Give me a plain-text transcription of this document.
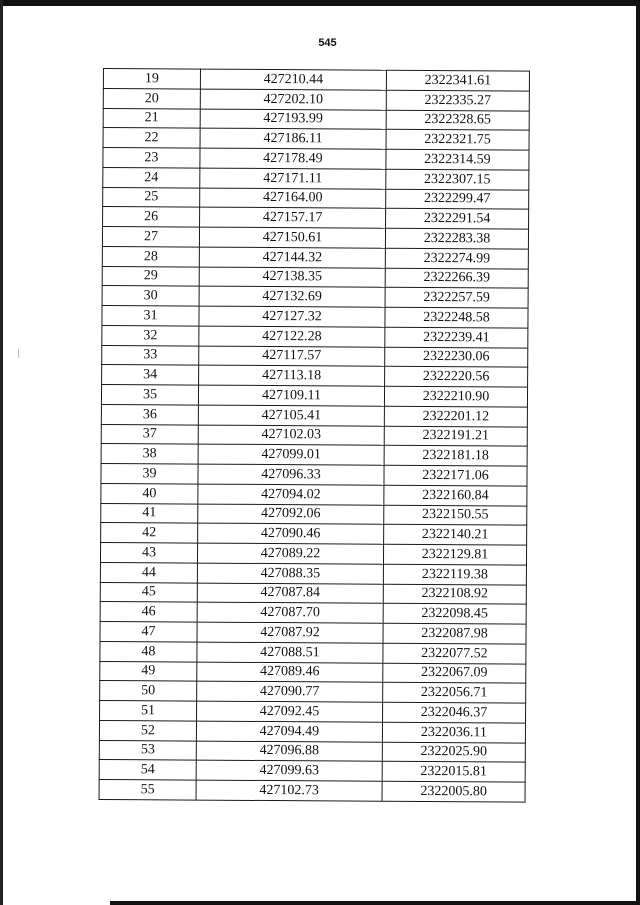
545
19	427210.44	2322341.61
20	427202.10	2322335.27
21	427193.99	2322328.65
22	427186.11	2322321.75
23	427178.49	2322314.59
24	427171.11	2322307.15
25	427164.00	2322299.47
26	427157.17	2322291.54
27	427150.61	2322283.38
28	427144.32	2322274.99
29	427138.35	2322266.39
30	427132.69	2322257.59
31	427127.32	2322248.58
32	427122.28	2322239.41
33	427117.57	2322230.06
34	427113.18	2322220.56
35	427109.11	2322210.90
36	427105.41	2322201.12
37	427102.03	2322191.21
38	427099.01	2322181.18
39	427096.33	2322171.06
40	427094.02	2322160.84
41	427092.06	2322150.55
42	427090.46	2322140.21
43	427089.22	2322129.81
44	427088.35	2322119.38
45	427087.84	2322108.92
46	427087.70	2322098.45
47	427087.92	2322087.98
48	427088.51	2322077.52
49	427089.46	2322067.09
50	427090.77	2322056.71
51	427092.45	2322046.37
52	427094.49	2322036.11
53	427096.88	2322025.90
54	427099.63	2322015.81
55	427102.73	2322005.80
